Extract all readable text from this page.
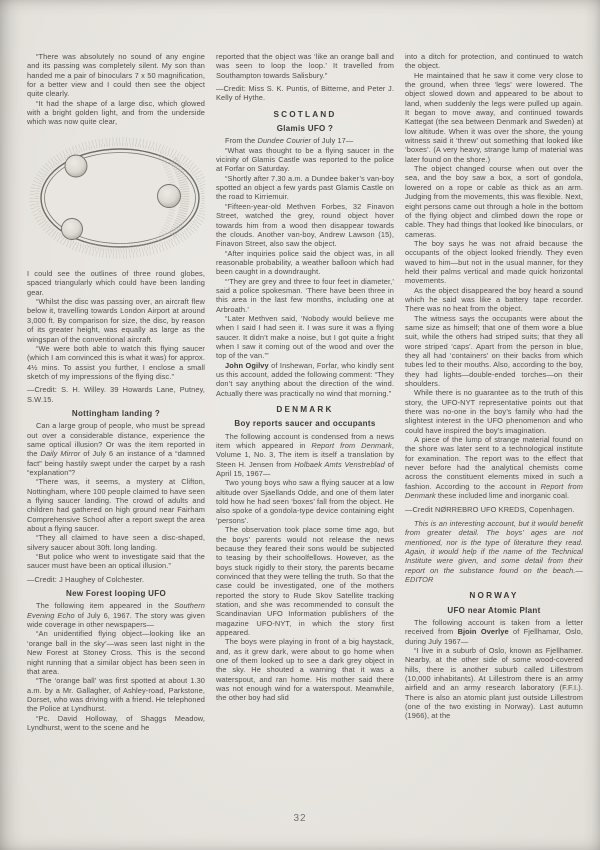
“There was absolutely no sound of any engine and its passing was completely silent. My son than handed me a pair of binoculars 7 x 50 magnification, for a better view and I could then see the object quite clearly.

“It had the shape of a large disc, which glowed with a bright golden light, and from the underside which was now quite clear,

I could see the outlines of three round globes, spaced triangularly which could have been landing gear.

“Whilst the disc was passing over, an aircraft flew below it, travelling towards London Airport at around 3,000 ft. By comparison for size, the disc, by reason of its greater height, was equally as large as the wingspan of the conventional aircraft.

“We were both able to watch this flying saucer (which I am convinced this is what it was) for approx. 4½ mins. To assist you further, I enclose a small sketch of my impressions of the flying disc.”

—Credit: S. H. Willey. 39 Howards Lane, Putney, S.W.15.

Nottingham landing ?

Can a large group of people, who must be spread out over a considerable distance, experience the same optical illusion? Or was the item reported in the Daily Mirror of July 6 an instance of a “damned fact” being hastily swept under the carpet by a rash “explanation”?

“There was, it seems, a mystery at Clifton, Nottingham, where 100 people claimed to have seen a flying saucer landing. The crowd of adults and children had gathered on high ground near Fairham Comprehensive School after a report swept the area about a flying saucer.

“They all claimed to have seen a disc-shaped, silvery saucer about 30ft. long landing.

“But police who went to investigate said that the saucer must have been an optical illusion.”

—Credit: J Haughey of Colchester.

New Forest looping UFO

The following item appeared in the Southern Evening Echo of July 6, 1967. The story was given wide coverage in other newspapers—

“An unidentified flying object—looking like an ‘orange ball in the sky’—was seen last night in the New Forest at Stoney Cross. This is the second night running that a similar object has been seen in that area.

“The ‘orange ball’ was first spotted at about 1.30 a.m. by a Mr. Gallagher, of Ashley-road, Parkstone, Dorset, who was driving with a friend. He telephoned the Police at Lyndhurst.

“Pc. David Holloway, of Shaggs Meadow, Lyndhurst, went to the scene and he

reported that the object was ‘like an orange ball and was seen to loop the loop.’ It travelled from Southampton towards Salisbury.”

—Credit: Miss S. K. Puntis, of Bitterne, and Peter J. Kelly of Hythe.

SCOTLAND
Glamis UFO ?

From the Dundee Courier of July 17—

“What was thought to be a flying saucer in the vicinity of Glamis Castle was reported to the police at Forfar on Saturday.

“Shortly after 7.30 a.m. a Dundee baker’s van-boy spotted an object a few yards past Glamis Castle on the road to Kirriemuir.

“Fifteen-year-old Methven Forbes, 32 Finavon Street, watched the grey, round object hover towards him from a wood then disappear towards the clouds. Another van-boy, Andrew Lawson (15), Finavon Street, also saw the object.

“After inquiries police said the object was, in all reasonable probability, a weather balloon which had been caught in a downdraught.

“‘They are grey and three to four feet in diameter,’ said a police spokesman. ‘There have been three in this area in the last few months, including one at Arbroath.’

“Later Methven said, ‘Nobody would believe me when I said I had seen it. I was sure it was a flying saucer. It didn’t make a noise, but I got quite a fright when I saw it coming out of the wood and over the top of the van.’”

John Ogilvy of Inshewan, Forfar, who kindly sent us this account, added the following comment: “They don’t say anything about the direction of the wind. Actually there was practically no wind that morning.”

DENMARK
Boy reports saucer and occupants

The following account is condensed from a news item which appeared in Report from Denmark, Volume 1, No. 3, The item is itself a translation by Steen H. Jensen from Holbaek Amts Venstreblad of April 15, 1967—

Two young boys who saw a flying saucer at a low altitude over Sjaellands Odde, and one of them later told how he had seen ‘boxes’ fall from the object. He also spoke of a gondola-type device containing eight ‘persons’.

The observation took place some time ago, but the boys’ parents would not release the news because they feared their sons would be subjected to teasing by their schoolfellows. However, as the boys stuck rigidly to their story, the parents became convinced that they were telling the truth. So that the case could be investigated, one of the mothers reported the story to Rude Skov Satellite tracking station, and she was recommended to consult the Scandinavian UFO Information publishers of the magazine UFO-NYT, in which the story first appeared.

The boys were playing in front of a big haystack, and, as it grew dark, were about to go home when one of them looked up to see a dark grey object in the sky. He shouted a warning that it was a waterspout, and ran home. His mother said there was not enough wind for a waterspout. Meanwhile, the other boy had slid

into a ditch for protection, and continued to watch the object.

He maintained that he saw it come very close to the ground, when three ‘legs’ were lowered. The object slowed down and appeared to be about to land, when suddenly the legs were pulled up again. It began to move away, and continued towards Kattegat (the sea between Denmark and Sweden) at low altitude. When it was over the shore, the young witness said it ‘threw’ out something that looked like ‘boxes’. (A very heavy, strange lump of material was later found on the shore.)

The object changed course when out over the sea, and the boy saw a box, a sort of gondola, lowered on a rope or cable as thick as an arm. Judging from the movements, this was flexible. Next, eight persons came out through a hole in the bottom of the flying object and climbed down the rope or cable. They had things that looked like binoculars, or cameras.

The boy says he was not afraid because the occupants of the object looked friendly. They even waved to him—but not in the usual manner, for they held their palms vertical and made quick horizontal movements.

As the object disappeared the boy heard a sound which he said was like a battery tape recorder. There was no heat from the object.

The witness says the occupants were about the same size as himself; that one of them wore a blue suit, while the others had striped suits; that they all wore striped ‘caps’. Apart from the person in blue, they all had ‘containers’ on their backs from which tubes led to their mouths. Also, according to the boy, they had lights—double-ended torches—on their shoulders.

While there is no guarantee as to the truth of this story, the UFO-NYT representative points out that there was no-one in the boy’s family who had the slightest interest in the UFO phenomenon and who could have inspired the boy’s imagination.

A piece of the lump of strange material found on the shore was later sent to a technological institute for examination. The report was to the effect that never before had the analytical chemists come across the constituent elements mixed in such a fashion. According to the account in Report from Denmark these included lime and inorganic coal.

—Credit NØRREBRO UFO KREDS, Copenhagen.

This is an interesting account, but it would benefit from greater detail. The boys’ ages are not mentioned, nor is the type of literature they read. Again, it would help if the name of the Technical Institute were given, and some detail from their report on the substance found on the beach.—EDITOR

NORWAY
UFO near Atomic Plant

The following account is taken from a letter received from Bjoin Overlye of Fjellhamar, Oslo, during July 1967—

“I live in a suburb of Oslo, known as Fjellhamer. Nearby, at the other side of some wood-covered hills, there is another suburb called Lillestrom (10,000 inhabitants). At Lillestrom there is an army airfield and an army research laboratory (F.F.I.). There is also an atomic plant just outside Lillestrom (one of the two existing in Norway). Last autumn (1966), at the

32
